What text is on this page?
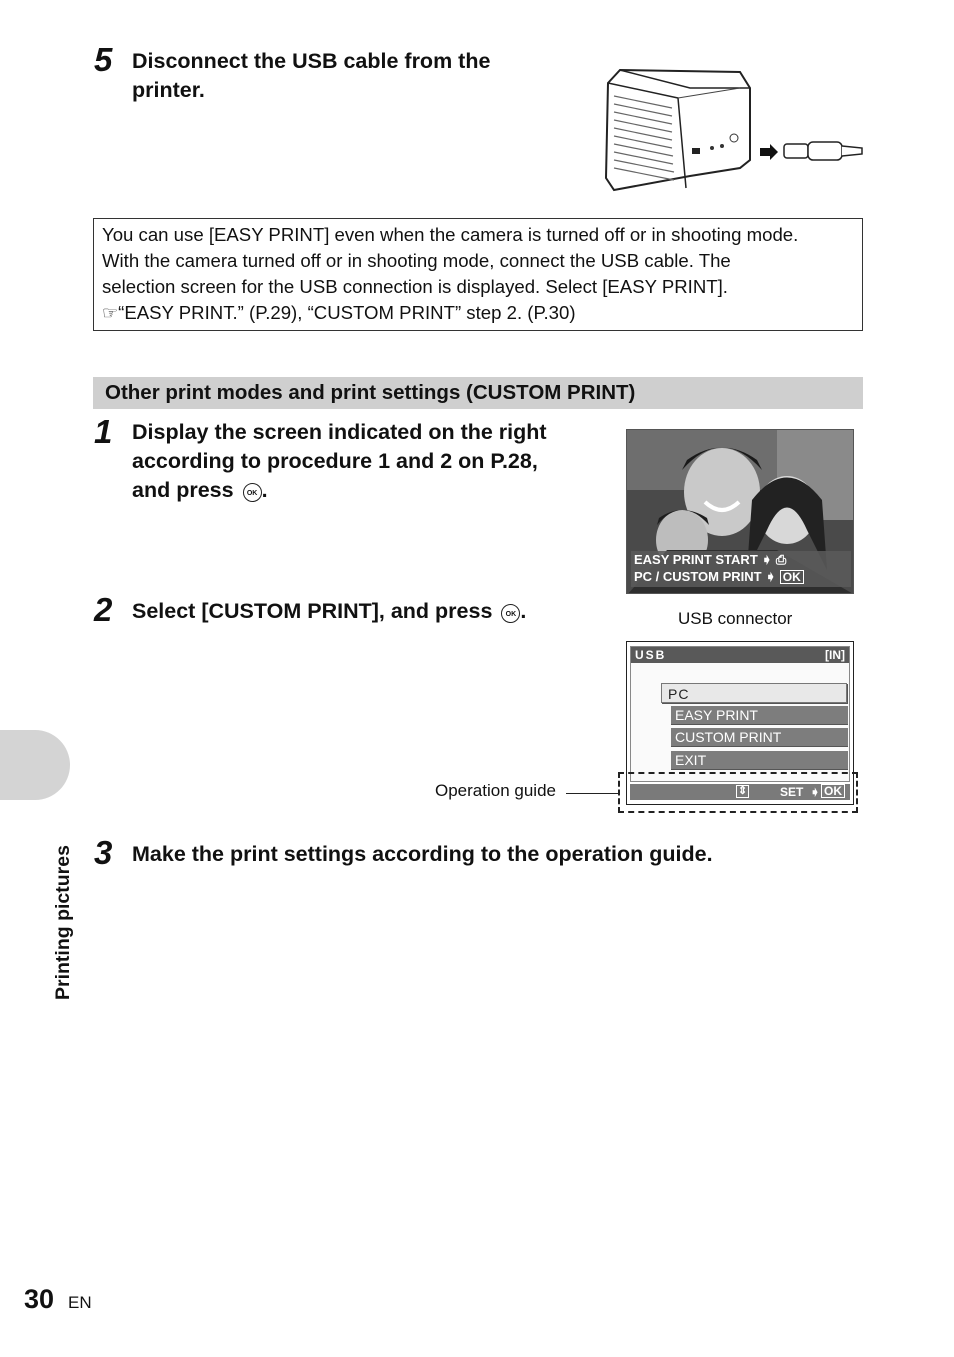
5 Disconnect the USB cable from the
printer.
You can use [EASY PRINT] even when the camera is turned off or in shooting mode.
With the camera turned off or in shooting mode, connect the USB cable. The
selection screen for the USB connection is displayed. Select [EASY PRINT].
☞“EASY PRINT.” (P.29), “CUSTOM PRINT” step 2. (P.30)
Other print modes and print settings (CUSTOM PRINT)
1 Display the screen indicated on the right
according to procedure 1 and 2 on P.28,
and press OK .
EASY PRINT START ➧ ⎙
PC / CUSTOM PRINT ➧ OK
2 Select [CUSTOM PRINT], and press OK .	USB connector
USB	[IN]
PC
EASY PRINT
CUSTOM PRINT
EXIT
⇕	SET ➧ OK
Operation guide
3 Make the print settings according to the operation guide.
Printing pictures
30 EN
